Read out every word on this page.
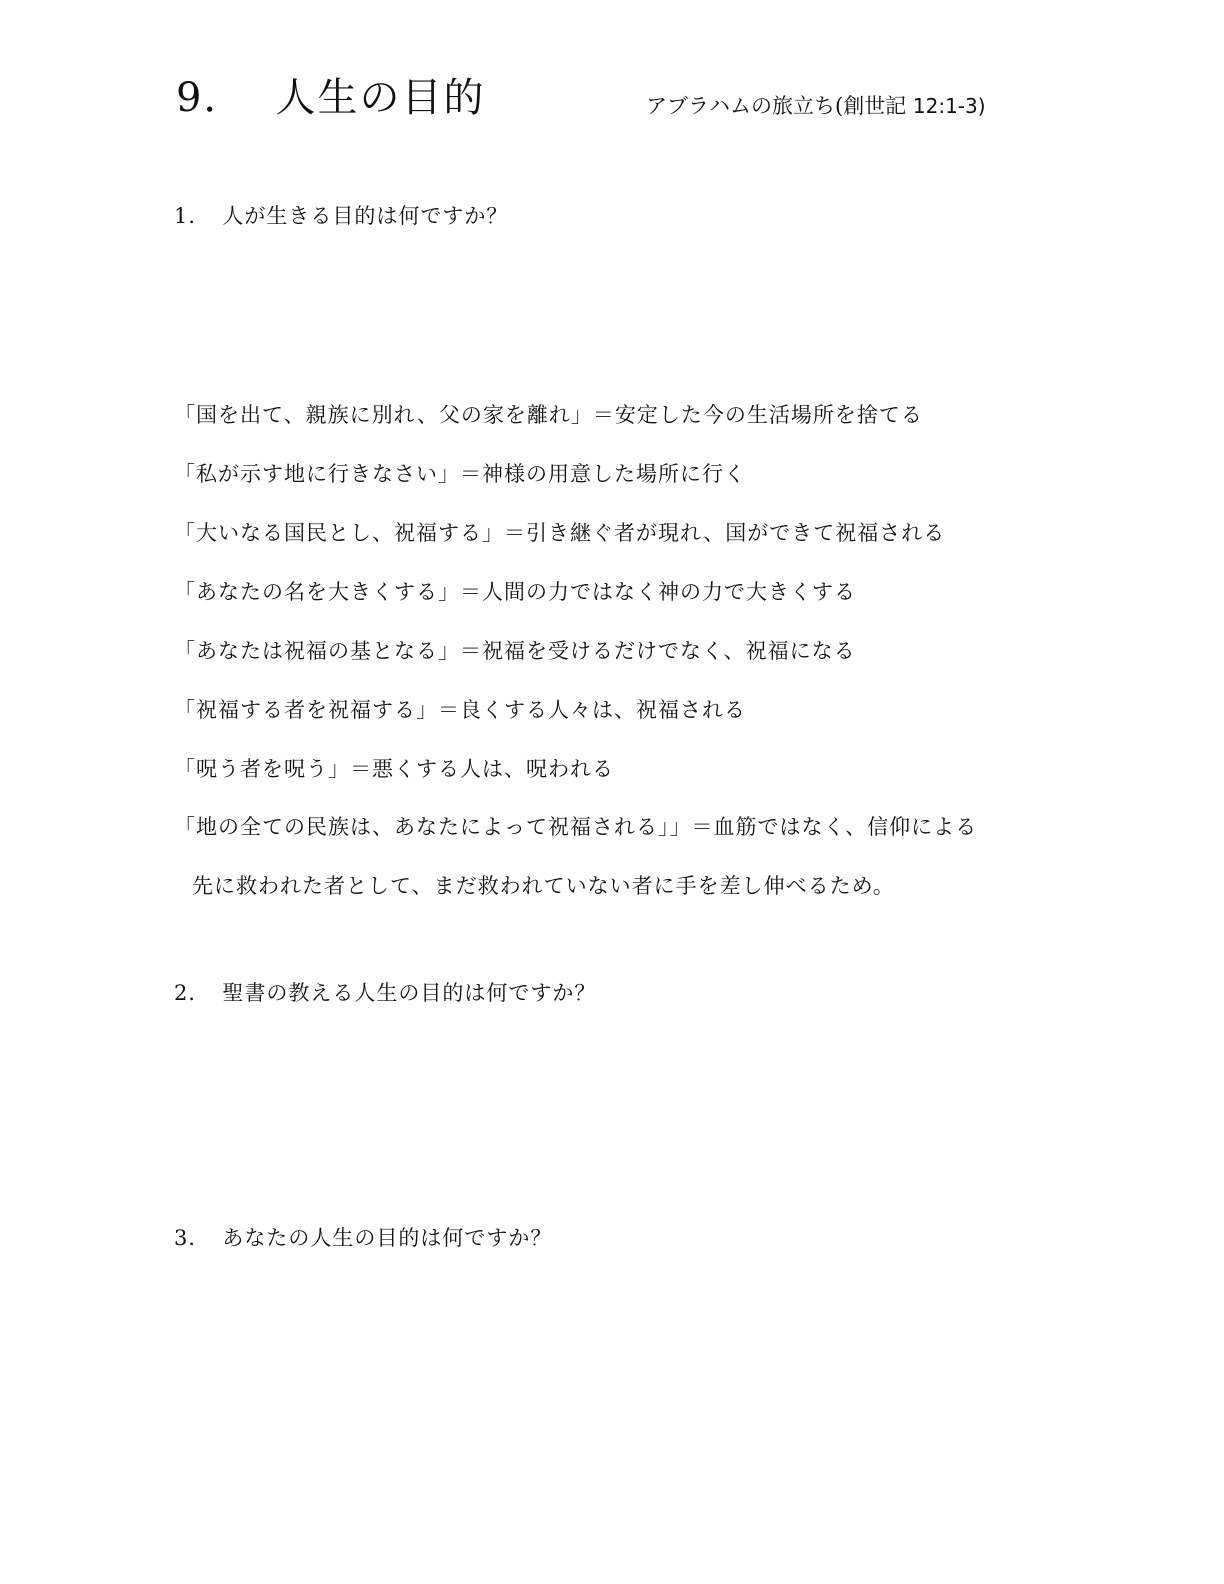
9． 人生の目的	アブラハムの旅立ち(創世記 12:1-3)
1． 人が生きる目的は何ですか？
「国を出て、親族に別れ、父の家を離れ」＝安定した今の生活場所を捨てる
「私が示す地に行きなさい」＝神様の用意した場所に行く
「大いなる国民とし、祝福する」＝引き継ぐ者が現れ、国ができて祝福される
「あなたの名を大きくする」＝人間の力ではなく神の力で大きくする
「あなたは祝福の基となる」＝祝福を受けるだけでなく、祝福になる
「祝福する者を祝福する」＝良くする人々は、祝福される
「呪う者を呪う」＝悪くする人は、呪われる
「地の全ての民族は、あなたによって祝福される」」＝血筋ではなく、信仰による
先に救われた者として、まだ救われていない者に手を差し伸べるため。
2． 聖書の教える人生の目的は何ですか？
3． あなたの人生の目的は何ですか？
